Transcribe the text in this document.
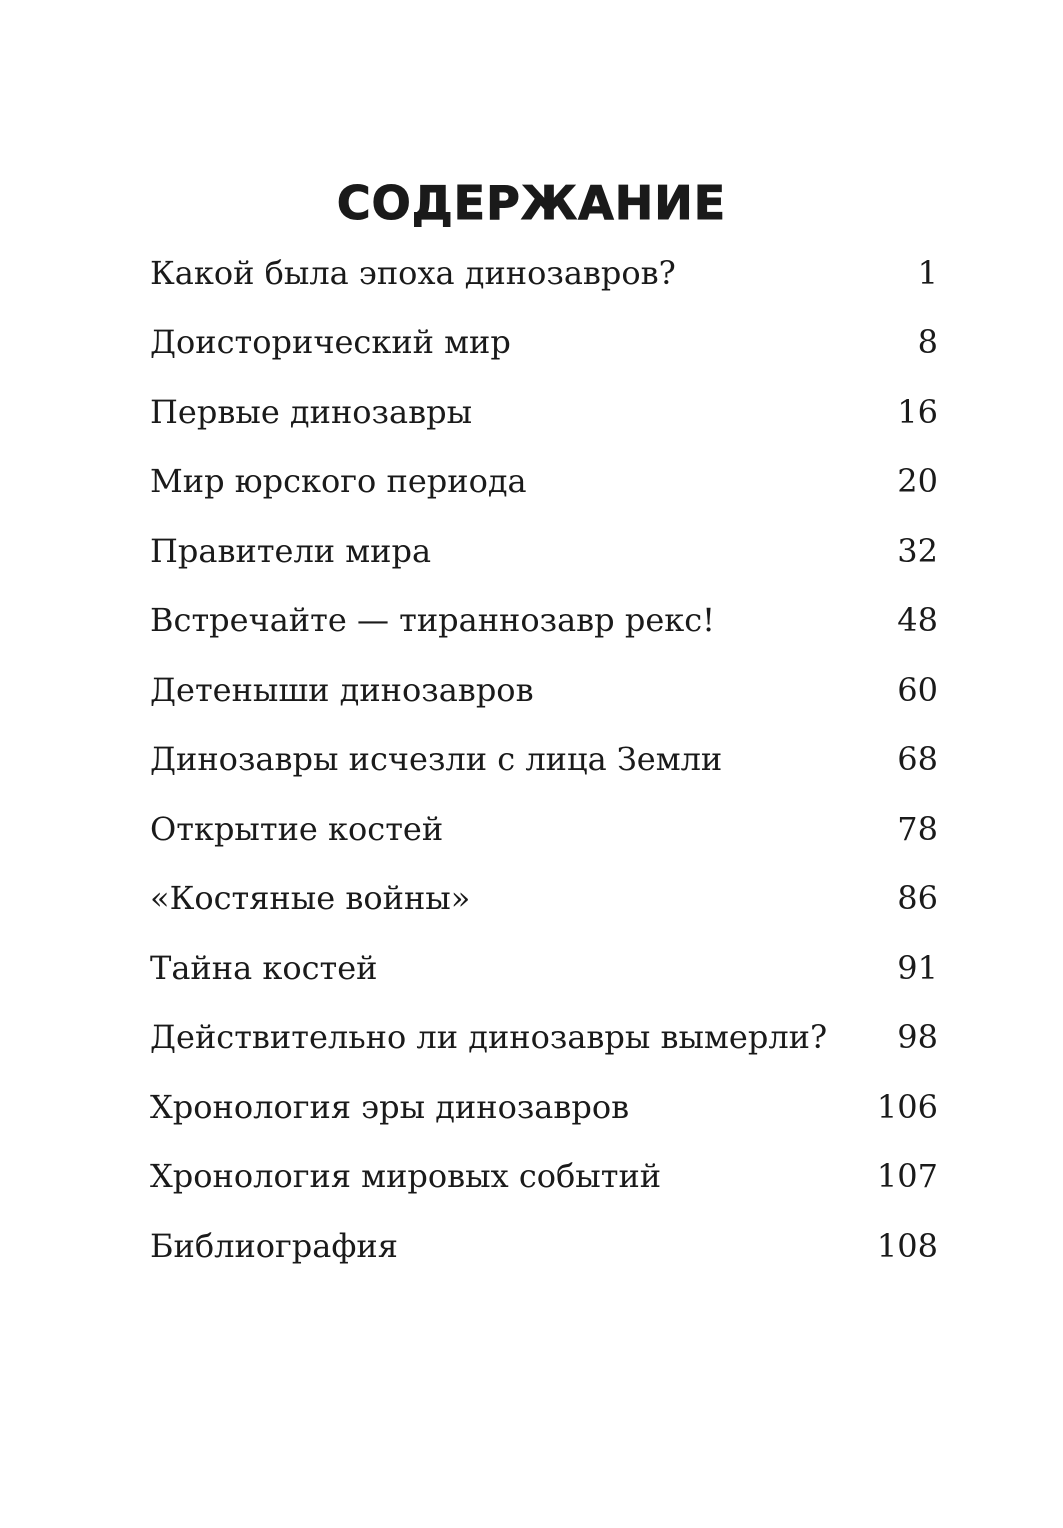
СОДЕРЖАНИЕ
Какой была эпоха динозавров?	1
Доисторический мир	8
Первые динозавры	16
Мир юрского периода	20
Правители мира	32
Встречайте — тираннозавр рекс!	48
Детеныши динозавров	60
Динозавры исчезли с лица Земли	68
Открытие костей	78
«Костяные войны»	86
Тайна костей	91
Действительно ли динозавры вымерли?	98
Хронология эры динозавров	106
Хронология мировых событий	107
Библиография	108
